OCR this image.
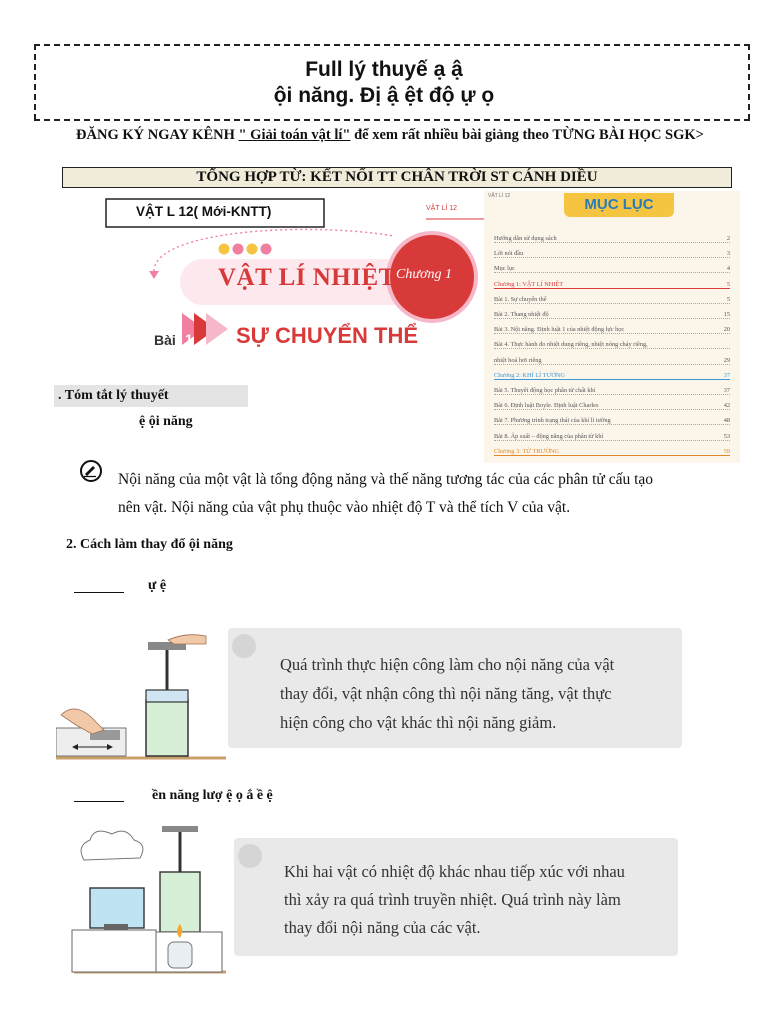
Full lý thuyế ạ ậ
ội năng. Đị ậ ệt độ ự ọ
ĐĂNG KÝ NGAY KÊNH " Giải toán vật lí" để xem rất nhiều bài giảng theo TỪNG BÀI HỌC SGK>
TỔNG HỢP TỪ: KẾT NỐI TT CHÂN TRỜI ST CÁNH DIỀU
VẬT L 12( Mới-KNTT)	VẬT LÍ 12
VẬT LÍ NHIỆT Chương 1
Bài 1 SỰ CHUYỂN THỂ
VẬT LÍ 12	MỤC LỤC
Hướng dẫn sử dụng sách	2
Lời nói đầu	3
Mục lục	4
Chương 1: VẬT LÍ NHIỆT	5
Bài 1. Sự chuyển thể	5
Bài 2. Thang nhiệt độ	15
Bài 3. Nội năng. Định luật 1 của nhiệt động lực học	20
Bài 4. Thực hành đo nhiệt dung riêng, nhiệt nóng chảy riêng,
nhiệt hoá hơi riêng	29
Chương 2: KHÍ LÍ TƯỞNG	37
Bài 5. Thuyết động học phân tử chất khí	37
Bài 6. Định luật Boyle. Định luật Charles	42
Bài 7. Phương trình trạng thái của khí lí tưởng	48
Bài 8. Áp suất – động năng của phân tử khí	53
Chương 3: TỪ TRƯỜNG	59
. Tóm tắt lý thuyết
ệ ội năng
Nội năng của một vật là tổng động năng và thế năng tương tác của các phân tử cấu tạo
nên vật. Nội năng của vật phụ thuộc vào nhiệt độ T và thể tích V của vật.
2. Cách làm thay đổ ội năng
ự ệ
Quá trình thực hiện công làm cho nội năng của vật
thay đổi, vật nhận công thì nội năng tăng, vật thực
hiện công cho vật khác thì nội năng giảm.
ền năng lượ ệ ọ ắ ề ệ
Khi hai vật có nhiệt độ khác nhau tiếp xúc với nhau
thì xảy ra quá trình truyền nhiệt. Quá trình này làm
thay đổi nội năng của các vật.
